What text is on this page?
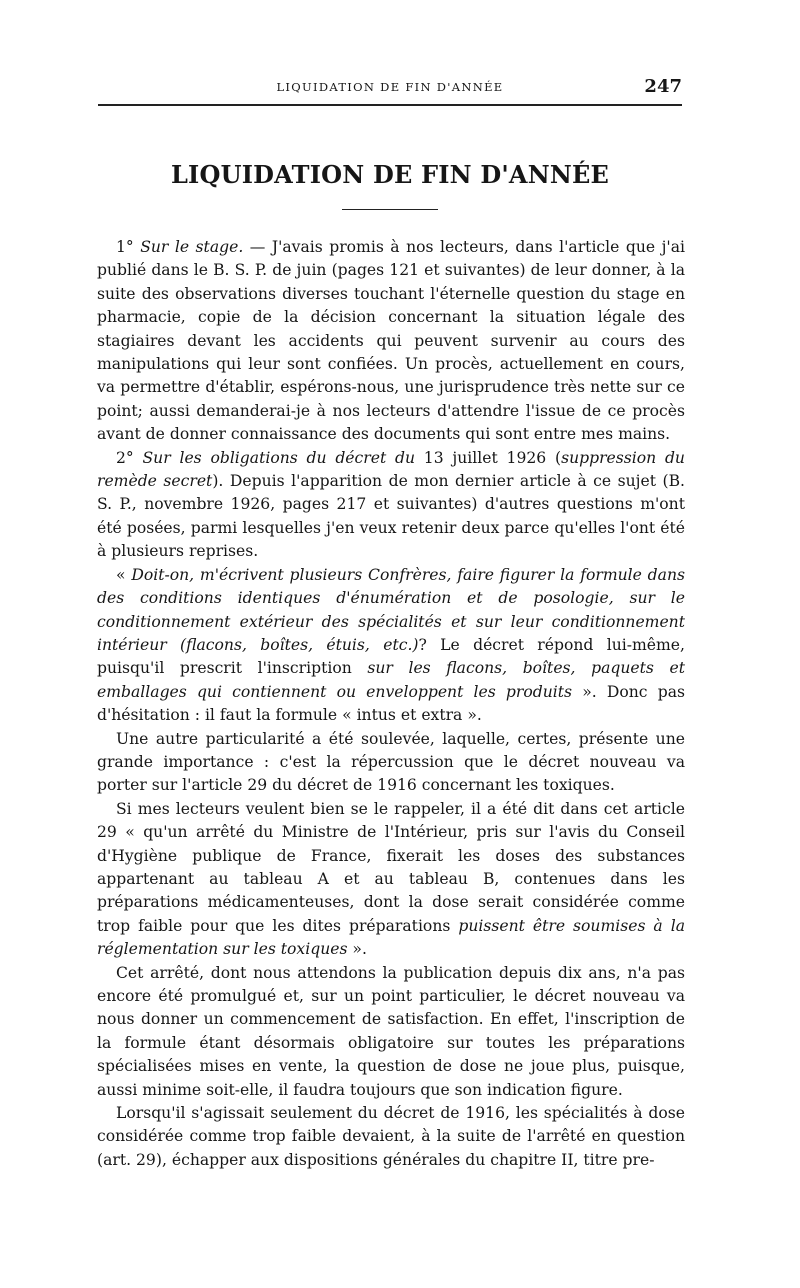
LIQUIDATION DE FIN D'ANNÉE	247
LIQUIDATION DE FIN D'ANNÉE

1° Sur le stage. — J'avais promis à nos lecteurs, dans l'article que j'ai publié dans le B. S. P. de juin (pages 121 et suivantes) de leur donner, à la suite des observations diverses touchant l'éternelle question du stage en pharmacie, copie de la décision concernant la situation légale des stagiaires devant les accidents qui peuvent survenir au cours des manipulations qui leur sont confiées. Un procès, actuellement en cours, va permettre d'établir, espérons-nous, une jurisprudence très nette sur ce point; aussi demanderai-je à nos lecteurs d'attendre l'issue de ce procès avant de donner connaissance des documents qui sont entre mes mains.

2° Sur les obligations du décret du 13 juillet 1926 (suppression du remède secret). Depuis l'apparition de mon dernier article à ce sujet (B. S. P., novembre 1926, pages 217 et suivantes) d'autres questions m'ont été posées, parmi lesquelles j'en veux retenir deux parce qu'elles l'ont été à plusieurs reprises.

« Doit-on, m'écrivent plusieurs Confrères, faire figurer la formule dans des conditions identiques d'énumération et de posologie, sur le conditionnement extérieur des spécialités et sur leur conditionnement intérieur (flacons, boîtes, étuis, etc.)? Le décret répond lui-même, puisqu'il prescrit l'inscription sur les flacons, boîtes, paquets et emballages qui contiennent ou enveloppent les produits ». Donc pas d'hésitation : il faut la formule « intus et extra ».

Une autre particularité a été soulevée, laquelle, certes, présente une grande importance : c'est la répercussion que le décret nouveau va porter sur l'article 29 du décret de 1916 concernant les toxiques.

Si mes lecteurs veulent bien se le rappeler, il a été dit dans cet article 29 « qu'un arrêté du Ministre de l'Intérieur, pris sur l'avis du Conseil d'Hygiène publique de France, fixerait les doses des substances appartenant au tableau A et au tableau B, contenues dans les préparations médicamenteuses, dont la dose serait considérée comme trop faible pour que les dites préparations puissent être soumises à la réglementation sur les toxiques ».

Cet arrêté, dont nous attendons la publication depuis dix ans, n'a pas encore été promulgué et, sur un point particulier, le décret nouveau va nous donner un commencement de satisfaction. En effet, l'inscription de la formule étant désormais obligatoire sur toutes les préparations spécialisées mises en vente, la question de dose ne joue plus, puisque, aussi minime soit-elle, il faudra toujours que son indication figure.

Lorsqu'il s'agissait seulement du décret de 1916, les spécialités à dose considérée comme trop faible devaient, à la suite de l'arrêté en question (art. 29), échapper aux dispositions générales du chapitre II, titre pre-
